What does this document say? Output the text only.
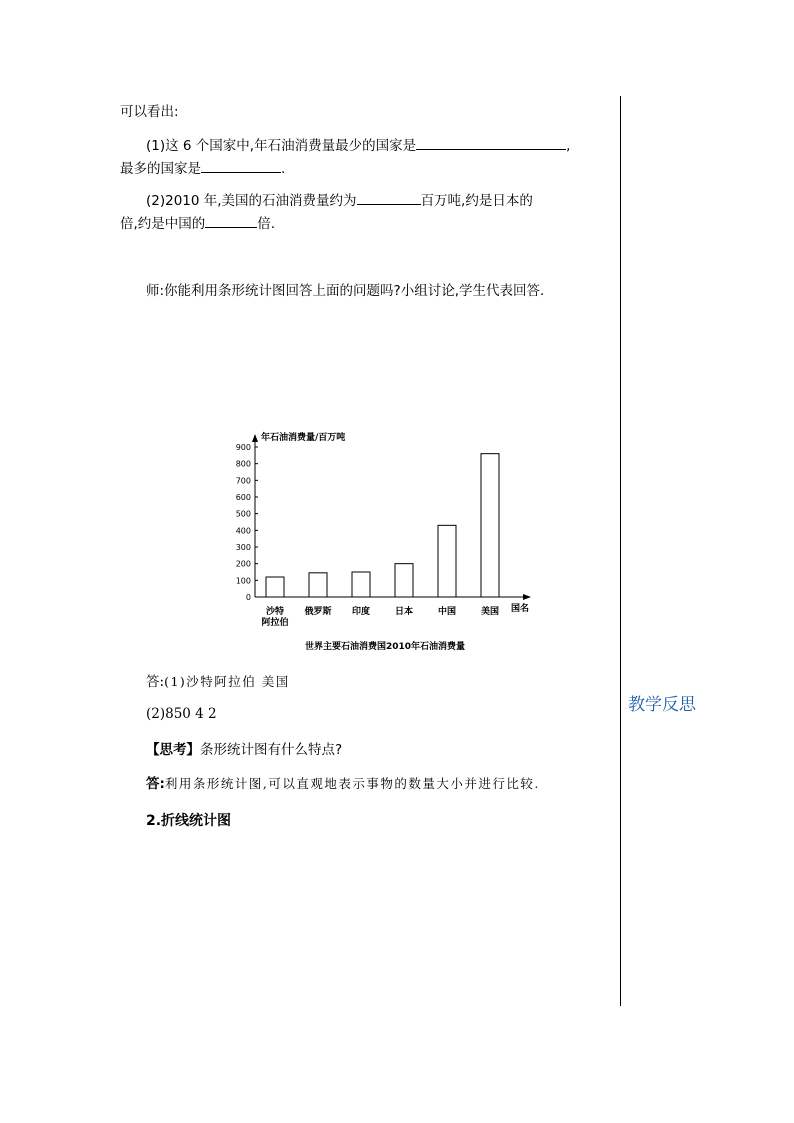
教学反思
可以看出:
(1)这 6 个国家中,年石油消费量最少的国家是	,
最多的国家是	.
(2)2010 年,美国的石油消费量约为	百万吨,约是日本的
倍,约是中国的	倍.
师:你能利用条形统计图回答上面的问题吗?小组讨论,学生代表回答.
0
100
200
300
400
500
600
700
800
900
年石油消费量/百万吨
国名
沙特
阿拉伯
俄罗斯 印度	日本	中国	美国
世界主要石油消费国2010年石油消费量
答:(1)沙特阿拉伯 美国
(2)850 4 2
【思考】条形统计图有什么特点?
答:利用条形统计图,可以直观地表示事物的数量大小并进行比较.
2.折线统计图
